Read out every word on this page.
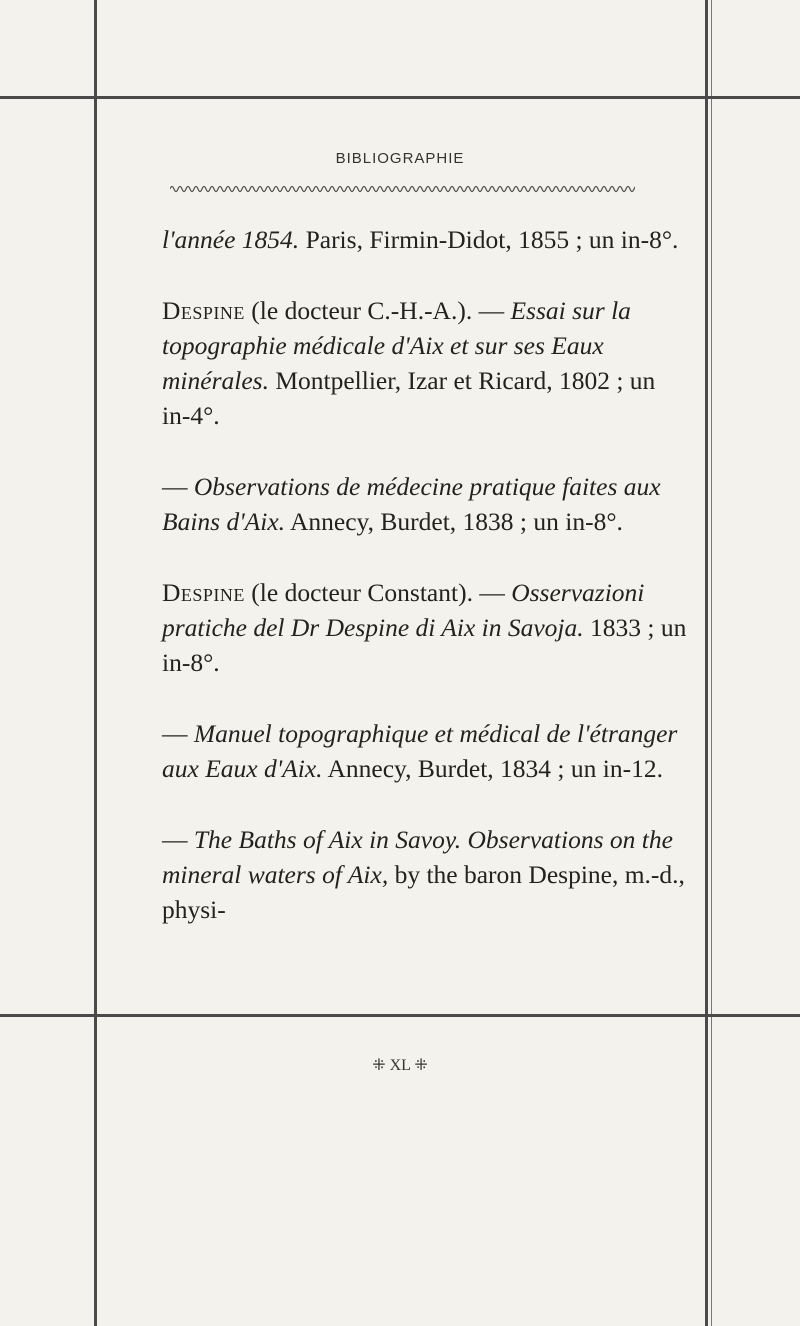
BIBLIOGRAPHIE

l'année 1854. Paris, Firmin-Didot, 1855 ; un in-8°.

Despine (le docteur C.-H.-A.). — Essai sur la topographie médicale d'Aix et sur ses Eaux minérales. Montpellier, Izar et Ricard, 1802 ; un in-4°.

— Observations de médecine pratique faites aux Bains d'Aix. Annecy, Burdet, 1838 ; un in-8°.

Despine (le docteur Constant). — Osservazioni pratiche del Dr Despine di Aix in Savoja. 1833 ; un in-8°.

— Manuel topographique et médical de l'étranger aux Eaux d'Aix. Annecy, Burdet, 1834 ; un in-12.

— The Baths of Aix in Savoy. Observations on the mineral waters of Aix, by the baron Despine, m.-d., physi-

⁜ XL ⁜
